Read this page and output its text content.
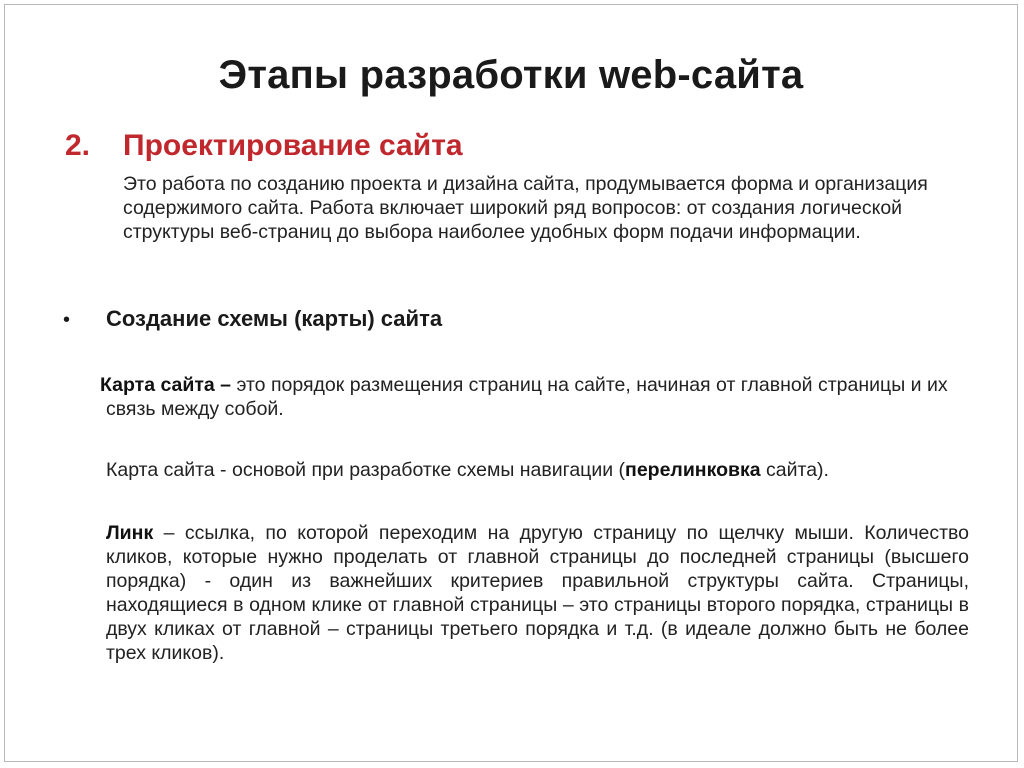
Этапы разработки web-сайта
2. Проектирование сайта
Это работа по созданию проекта и дизайна сайта, продумывается форма и организация содержимого сайта. Работа включает широкий ряд вопросов: от создания логической структуры веб-страниц до выбора наиболее удобных форм подачи информации.
• Создание схемы (карты) сайта
Карта сайта – это порядок размещения страниц на сайте, начиная от главной страницы и их связь между собой.
Карта сайта - основой при разработке схемы навигации (перелинковка сайта).
Линк – ссылка, по которой переходим на другую страницу по щелчку мыши. Количество кликов, которые нужно проделать от главной страницы до последней страницы (высшего порядка) - один из важнейших критериев правильной структуры сайта. Страницы, находящиеся в одном клике от главной страницы – это страницы второго порядка, страницы в двух кликах от главной – страницы третьего порядка и т.д. (в идеале должно быть не более трех кликов).
